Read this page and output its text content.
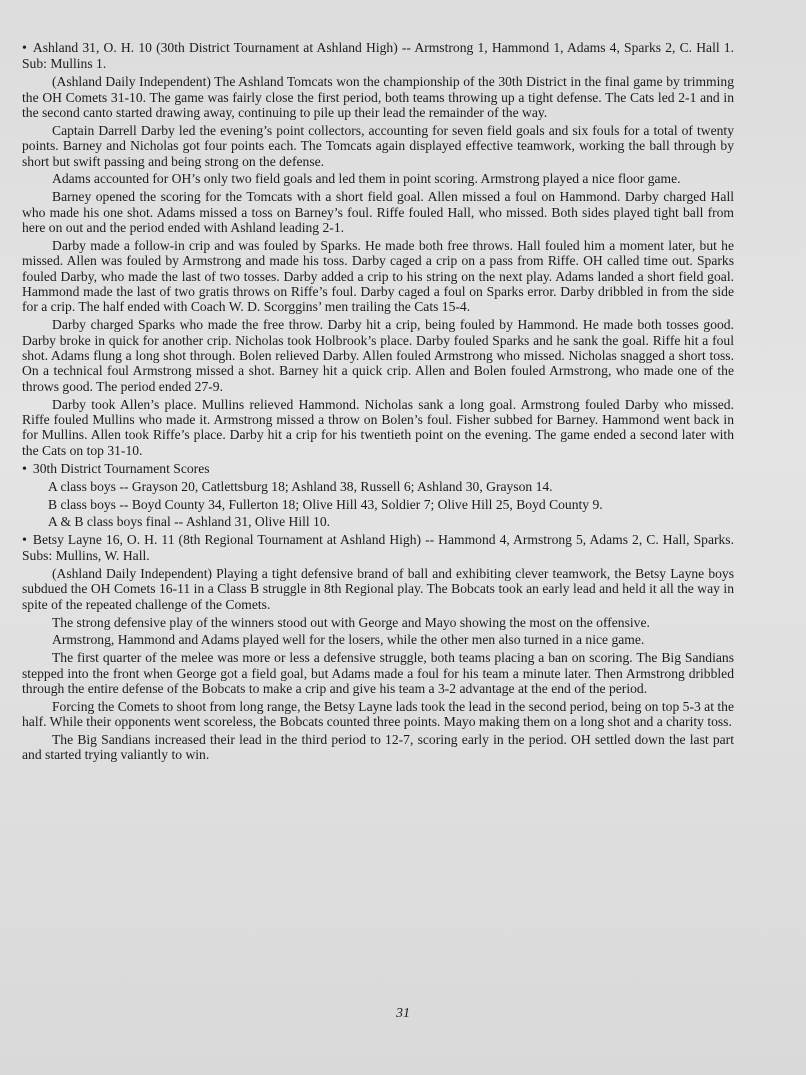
• Ashland 31, O. H. 10 (30th District Tournament at Ashland High) -- Armstrong 1, Hammond 1, Adams 4, Sparks 2, C. Hall 1. Sub: Mullins 1.

(Ashland Daily Independent) The Ashland Tomcats won the championship of the 30th District in the final game by trimming the OH Comets 31-10. The game was fairly close the first period, both teams throwing up a tight defense. The Cats led 2-1 and in the second canto started drawing away, continuing to pile up their lead the remainder of the way.

Captain Darrell Darby led the evening’s point collectors, accounting for seven field goals and six fouls for a total of twenty points. Barney and Nicholas got four points each. The Tomcats again displayed effective teamwork, working the ball through by short but swift passing and being strong on the defense.

Adams accounted for OH’s only two field goals and led them in point scoring. Armstrong played a nice floor game.

Barney opened the scoring for the Tomcats with a short field goal. Allen missed a foul on Hammond. Darby charged Hall who made his one shot. Adams missed a toss on Barney’s foul. Riffe fouled Hall, who missed. Both sides played tight ball from here on out and the period ended with Ashland leading 2-1.

Darby made a follow-in crip and was fouled by Sparks. He made both free throws. Hall fouled him a moment later, but he missed. Allen was fouled by Armstrong and made his toss. Darby caged a crip on a pass from Riffe. OH called time out. Sparks fouled Darby, who made the last of two tosses. Darby added a crip to his string on the next play. Adams landed a short field goal. Hammond made the last of two gratis throws on Riffe’s foul. Darby caged a foul on Sparks error. Darby dribbled in from the side for a crip. The half ended with Coach W. D. Scorggins’ men trailing the Cats 15-4.

Darby charged Sparks who made the free throw. Darby hit a crip, being fouled by Hammond. He made both tosses good. Darby broke in quick for another crip. Nicholas took Holbrook’s place. Darby fouled Sparks and he sank the goal. Riffe hit a foul shot. Adams flung a long shot through. Bolen relieved Darby. Allen fouled Armstrong who missed. Nicholas snagged a short toss. On a technical foul Armstrong missed a shot. Barney hit a quick crip. Allen and Bolen fouled Armstrong, who made one of the throws good. The period ended 27-9.

Darby took Allen’s place. Mullins relieved Hammond. Nicholas sank a long goal. Armstrong fouled Darby who missed. Riffe fouled Mullins who made it. Armstrong missed a throw on Bolen’s foul. Fisher subbed for Barney. Hammond went back in for Mullins. Allen took Riffe’s place. Darby hit a crip for his twentieth point on the evening. The game ended a second later with the Cats on top 31-10.

• 30th District Tournament Scores

A class boys -- Grayson 20, Catlettsburg 18; Ashland 38, Russell 6; Ashland 30, Grayson 14.

B class boys -- Boyd County 34, Fullerton 18; Olive Hill 43, Soldier 7; Olive Hill 25, Boyd County 9.

A & B class boys final -- Ashland 31, Olive Hill 10.

• Betsy Layne 16, O. H. 11 (8th Regional Tournament at Ashland High) -- Hammond 4, Armstrong 5, Adams 2, C. Hall, Sparks. Subs: Mullins, W. Hall.

(Ashland Daily Independent) Playing a tight defensive brand of ball and exhibiting clever teamwork, the Betsy Layne boys subdued the OH Comets 16-11 in a Class B struggle in 8th Regional play. The Bobcats took an early lead and held it all the way in spite of the repeated challenge of the Comets.

The strong defensive play of the winners stood out with George and Mayo showing the most on the offensive.

Armstrong, Hammond and Adams played well for the losers, while the other men also turned in a nice game.

The first quarter of the melee was more or less a defensive struggle, both teams placing a ban on scoring. The Big Sandians stepped into the front when George got a field goal, but Adams made a foul for his team a minute later. Then Armstrong dribbled through the entire defense of the Bobcats to make a crip and give his team a 3-2 advantage at the end of the period.

Forcing the Comets to shoot from long range, the Betsy Layne lads took the lead in the second period, being on top 5-3 at the half. While their opponents went scoreless, the Bobcats counted three points. Mayo making them on a long shot and a charity toss.

The Big Sandians increased their lead in the third period to 12-7, scoring early in the period. OH settled down the last part and started trying valiantly to win.

31
